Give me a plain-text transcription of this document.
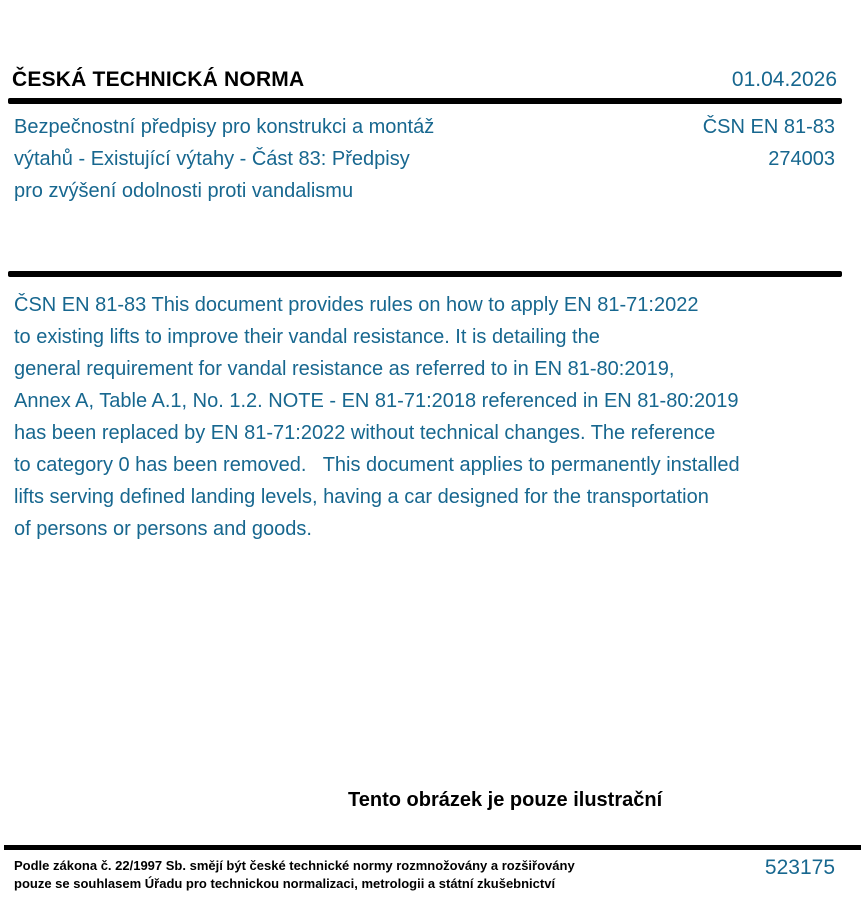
ČESKÁ TECHNICKÁ NORMA	01.04.2026
Bezpečnostní předpisy pro konstrukci a montáž
výtahů - Existující výtahy - Část 83: Předpisy
pro zvýšení odolnosti proti vandalismu
ČSN EN 81-83
274003
ČSN EN 81-83 This document provides rules on how to apply EN 81-71:2022
to existing lifts to improve their vandal resistance. It is detailing the
general requirement for vandal resistance as referred to in EN 81-80:2019,
Annex A, Table A.1, No. 1.2. NOTE - EN 81-71:2018 referenced in EN 81-80:2019
has been replaced by EN 81-71:2022 without technical changes. The reference
to category 0 has been removed.   This document applies to permanently installed
lifts serving defined landing levels, having a car designed for the transportation
of persons or persons and goods.
Tento obrázek je pouze ilustrační
Podle zákona č. 22/1997 Sb. smějí být české technické normy rozmnožovány a rozšiřovány
pouze se souhlasem Úřadu pro technickou normalizaci, metrologii a státní zkušebnictví
523175
